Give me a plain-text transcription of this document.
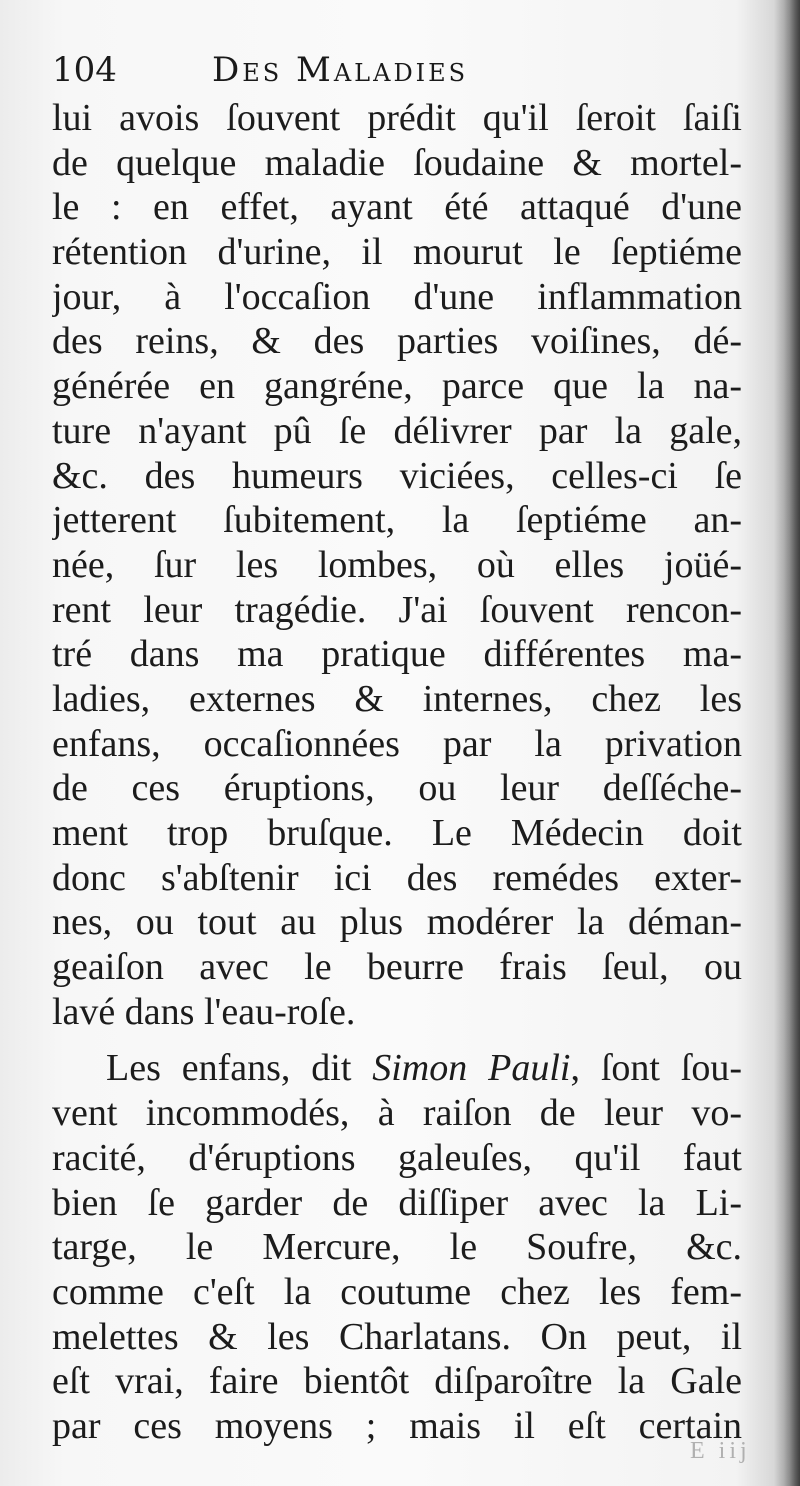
104	Des Maladies
lui avois ſouvent prédit qu'il ſeroit ſaiſi
de quelque maladie ſoudaine & mortel-
le : en effet, ayant été attaqué d'une
rétention d'urine, il mourut le ſeptiéme
jour, à l'occaſion d'une inflammation
des reins, & des parties voiſines, dé-
générée en gangréne, parce que la na-
ture n'ayant pû ſe délivrer par la gale,
&c. des humeurs viciées, celles-ci ſe
jetterent ſubitement, la ſeptiéme an-
née, ſur les lombes, où elles joüé-
rent leur tragédie. J'ai ſouvent rencon-
tré dans ma pratique différentes ma-
ladies, externes & internes, chez les
enfans, occaſionnées par la privation
de ces éruptions, ou leur deſſéche-
ment trop bruſque. Le Médecin doit
donc s'abſtenir ici des remédes exter-
nes, ou tout au plus modérer la déman-
geaiſon avec le beurre frais ſeul, ou
lavé dans l'eau-roſe.
Les enfans, dit Simon Pauli, ſont ſou-
vent incommodés, à raiſon de leur vo-
racité, d'éruptions galeuſes, qu'il faut
bien ſe garder de diſſiper avec la Li-
targe, le Mercure, le Soufre, &c.
comme c'eſt la coutume chez les fem-
melettes & les Charlatans. On peut, il
eſt vrai, faire bientôt diſparoître la Gale
par ces moyens ; mais il eſt certain
E iij
